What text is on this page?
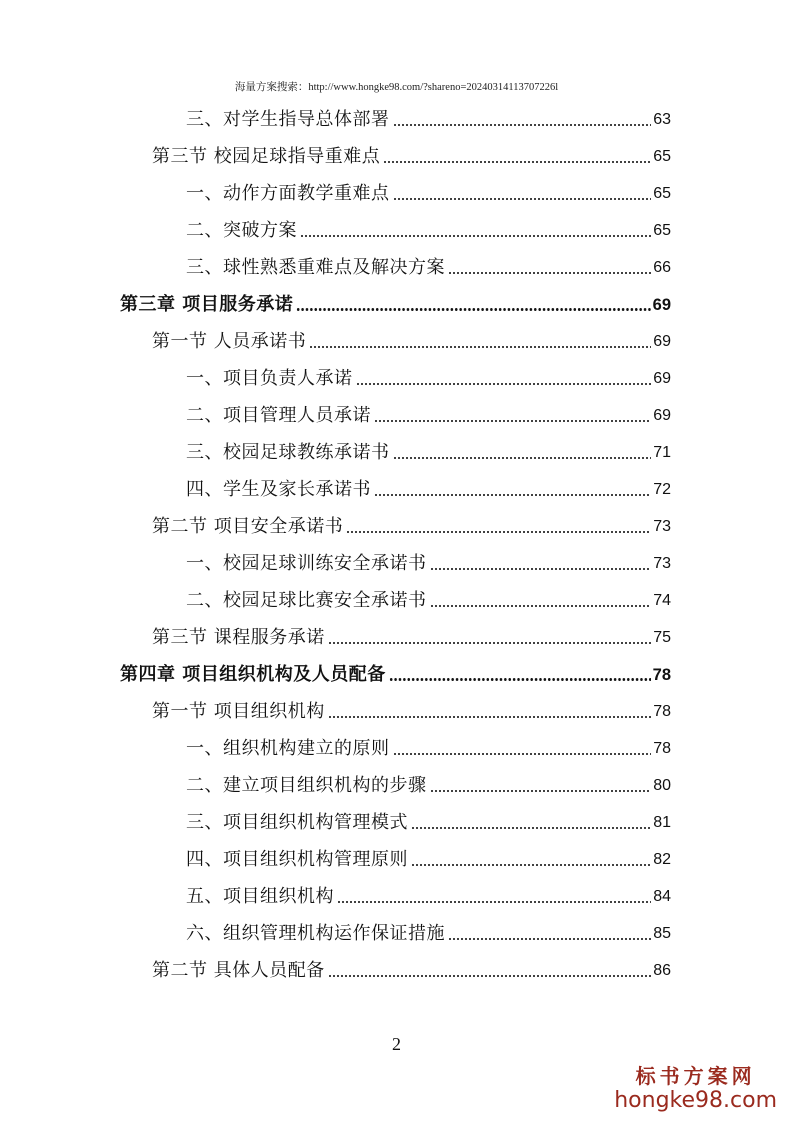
海量方案搜索：http://www.hongke98.com/?shareno=20240314113707226l
三、对学生指导总体部署	63
第三节 校园足球指导重难点	65
一、动作方面教学重难点	65
二、突破方案	65
三、球性熟悉重难点及解决方案	66
第三章 项目服务承诺	69
第一节 人员承诺书	69
一、项目负责人承诺	69
二、项目管理人员承诺	69
三、校园足球教练承诺书	71
四、学生及家长承诺书	72
第二节 项目安全承诺书	73
一、校园足球训练安全承诺书	73
二、校园足球比赛安全承诺书	74
第三节 课程服务承诺	75
第四章 项目组织机构及人员配备	78
第一节 项目组织机构	78
一、组织机构建立的原则	78
二、建立项目组织机构的步骤	80
三、项目组织机构管理模式	81
四、项目组织机构管理原则	82
五、项目组织机构	84
六、组织管理机构运作保证措施	85
第二节 具体人员配备	86
2
标书方案网
hongke98.com
